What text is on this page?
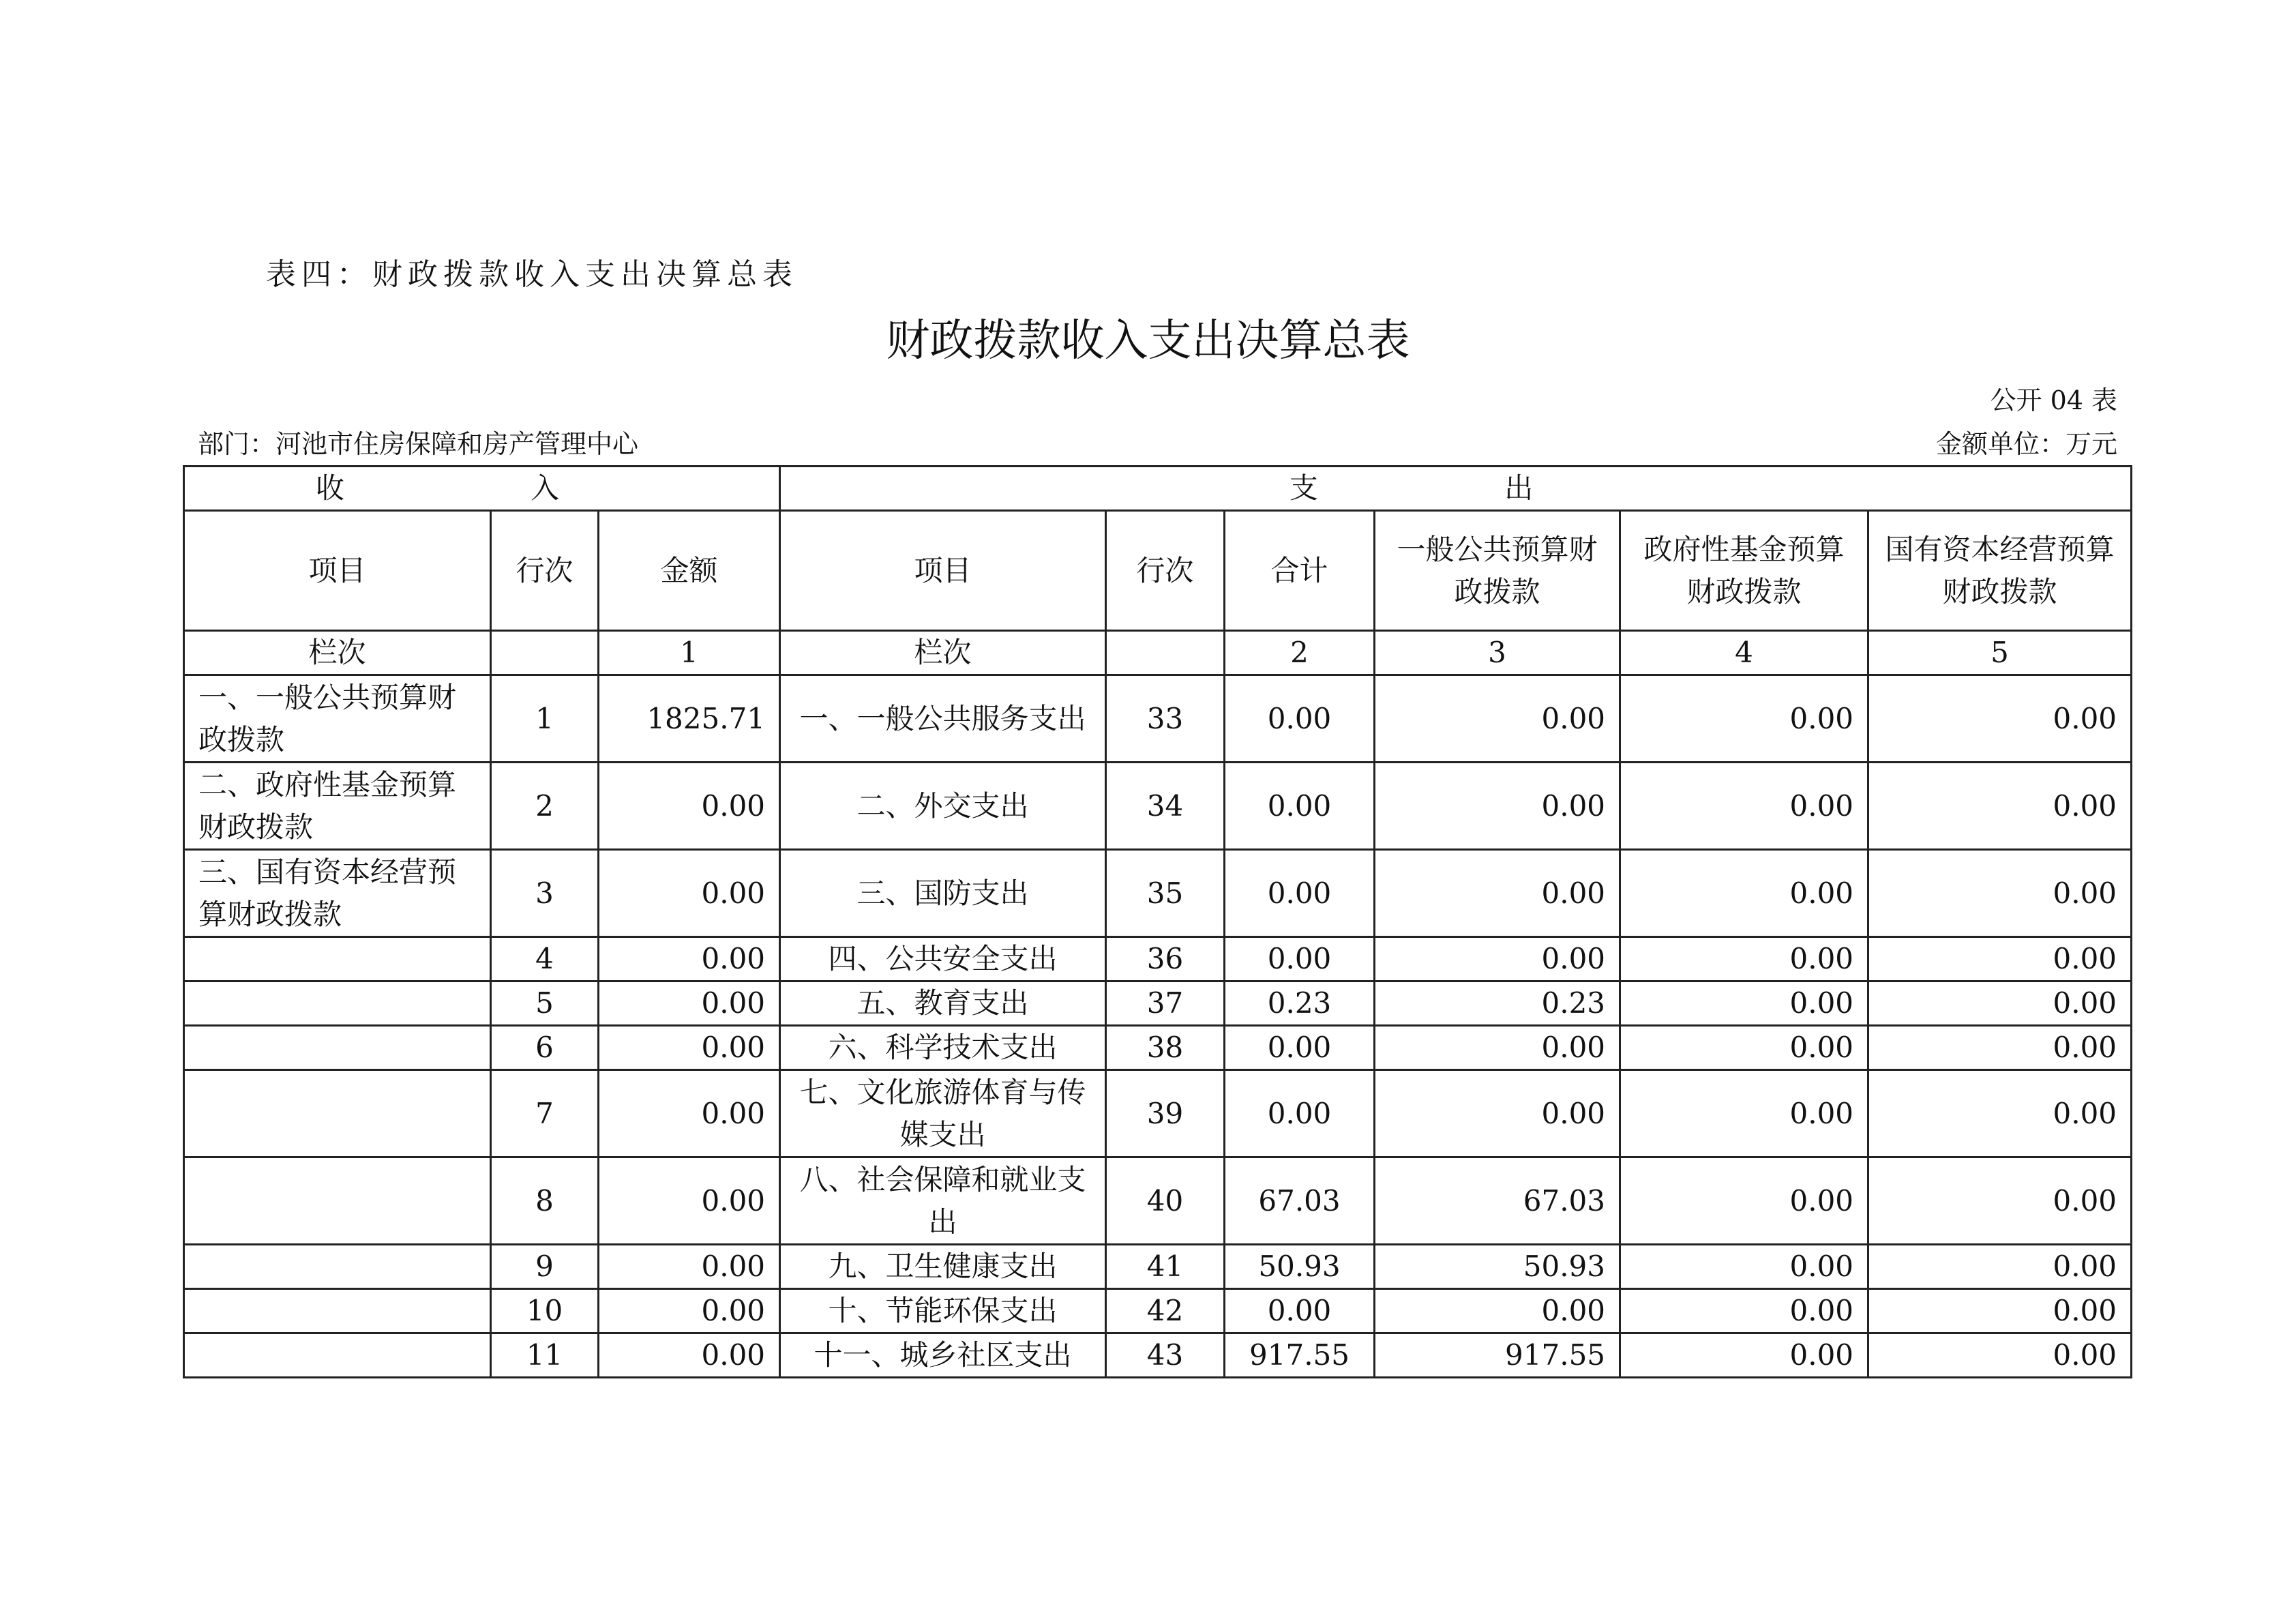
表四：财政拨款收入支出决算总表
财政拨款收入支出决算总表
公开 04 表
部门：河池市住房保障和房产管理中心	金额单位：万元
收 入			支 出					
项目	行次	金额	项目	行次	合计	一般公共预算财政拨款	政府性基金预算财政拨款	国有资本经营预算财政拨款
栏次		1	栏次		2	3	4	5
一、一般公共预算财政拨款	1	1825.71	一、一般公共服务支出	33	0.00	0.00	0.00	0.00
二、政府性基金预算财政拨款	2	0.00	二、外交支出	34	0.00	0.00	0.00	0.00
三、国有资本经营预算财政拨款	3	0.00	三、国防支出	35	0.00	0.00	0.00	0.00
	4	0.00	四、公共安全支出	36	0.00	0.00	0.00	0.00
	5	0.00	五、教育支出	37	0.23	0.23	0.00	0.00
	6	0.00	六、科学技术支出	38	0.00	0.00	0.00	0.00
	7	0.00	七、文化旅游体育与传媒支出	39	0.00	0.00	0.00	0.00
	8	0.00	八、社会保障和就业支出	40	67.03	67.03	0.00	0.00
	9	0.00	九、卫生健康支出	41	50.93	50.93	0.00	0.00
	10	0.00	十、节能环保支出	42	0.00	0.00	0.00	0.00
	11	0.00	十一、城乡社区支出	43	917.55	917.55	0.00	0.00
